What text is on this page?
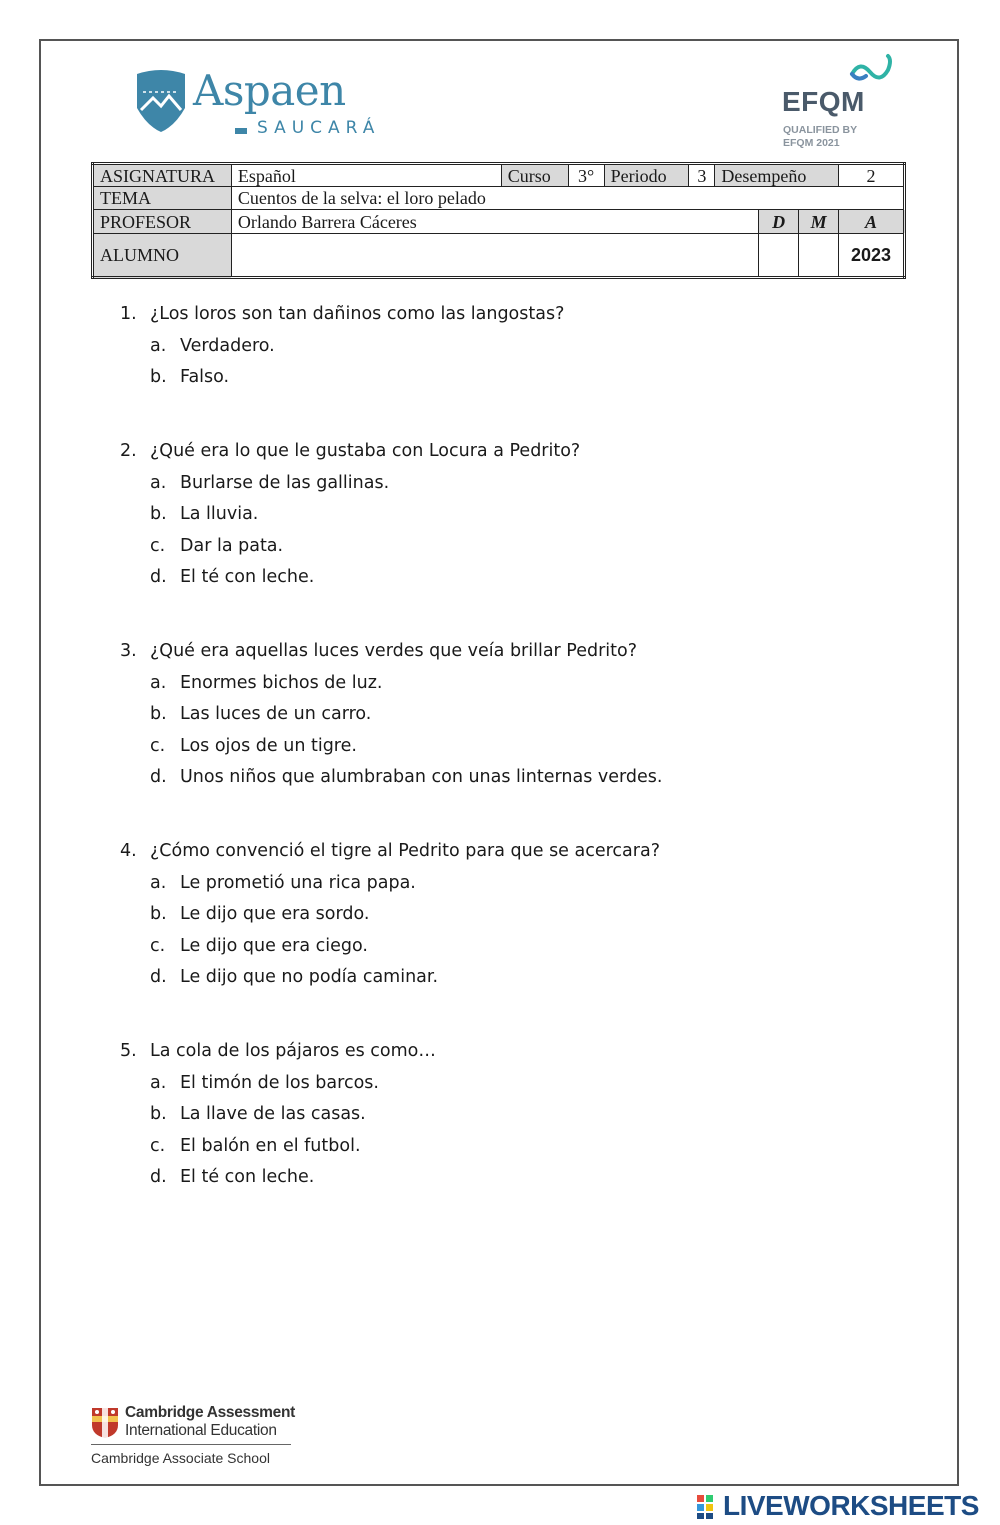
Aspaen
SAUCARÁ
EFQM
QUALIFIED BY
EFQM 2021
ASIGNATURA	Español	Curso	3°	Periodo	3	Desempeño			2
TEMA	Cuentos de la selva: el loro pelado								
PROFESOR	Orlando Barrera Cáceres						D	M	A
ALUMNO									2023
1. ¿Los loros son tan dañinos como las langostas?
a. Verdadero.
b. Falso.
2. ¿Qué era lo que le gustaba con Locura a Pedrito?
a. Burlarse de las gallinas.
b. La lluvia.
c. Dar la pata.
d. El té con leche.
3. ¿Qué era aquellas luces verdes que veía brillar Pedrito?
a. Enormes bichos de luz.
b. Las luces de un carro.
c. Los ojos de un tigre.
d. Unos niños que alumbraban con unas linternas verdes.
4. ¿Cómo convenció el tigre al Pedrito para que se acercara?
a. Le prometió una rica papa.
b. Le dijo que era sordo.
c. Le dijo que era ciego.
d. Le dijo que no podía caminar.
5. La cola de los pájaros es como…
a. El timón de los barcos.
b. La llave de las casas.
c. El balón en el futbol.
d. El té con leche.
Cambridge Assessment
International Education
Cambridge Associate School
LIVEWORKSHEETS
